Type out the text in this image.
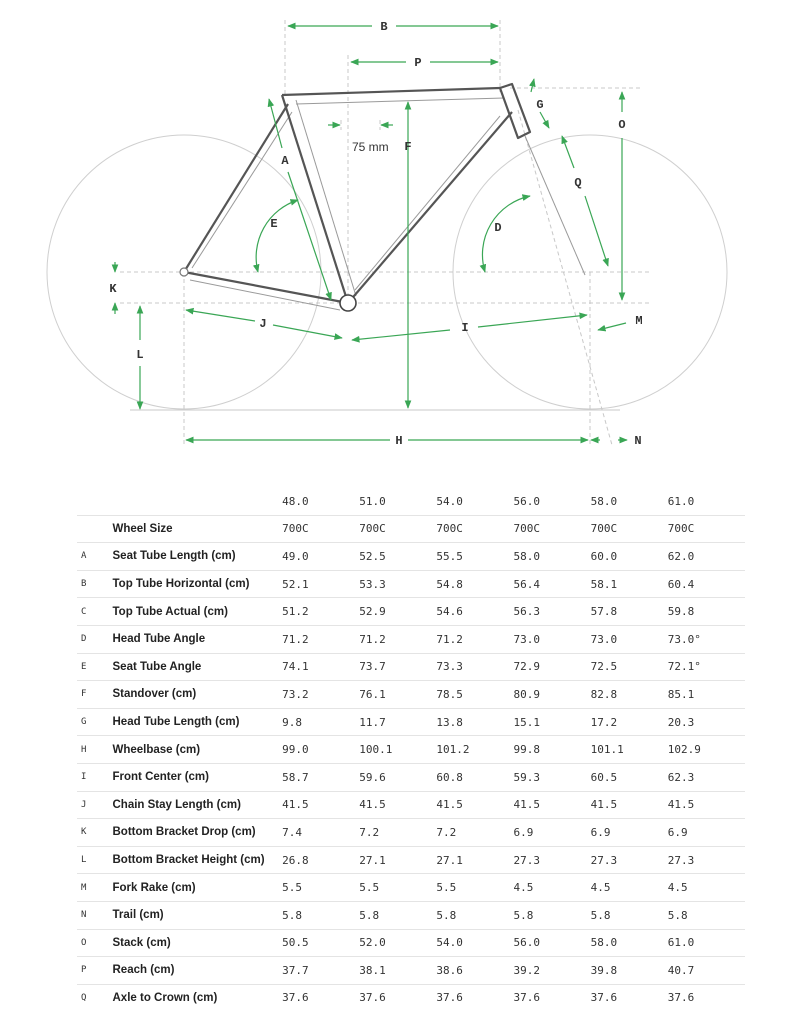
B
P
75 mm F
A
E
G
O
Q
D
K
L
J	I	M
H	N
		48.0	51.0	54.0	56.0	58.0	61.0
	Wheel Size	700C	700C	700C	700C	700C	700C
A	Seat Tube Length (cm)	49.0	52.5	55.5	58.0	60.0	62.0
B	Top Tube Horizontal (cm)	52.1	53.3	54.8	56.4	58.1	60.4
C	Top Tube Actual (cm)	51.2	52.9	54.6	56.3	57.8	59.8
D	Head Tube Angle	71.2	71.2	71.2	73.0	73.0	73.0°
E	Seat Tube Angle	74.1	73.7	73.3	72.9	72.5	72.1°
F	Standover (cm)	73.2	76.1	78.5	80.9	82.8	85.1
G	Head Tube Length (cm)	9.8	11.7	13.8	15.1	17.2	20.3
H	Wheelbase (cm)	99.0	100.1	101.2	99.8	101.1	102.9
I	Front Center (cm)	58.7	59.6	60.8	59.3	60.5	62.3
J	Chain Stay Length (cm)	41.5	41.5	41.5	41.5	41.5	41.5
K	Bottom Bracket Drop (cm)	7.4	7.2	7.2	6.9	6.9	6.9
L	Bottom Bracket Height (cm)	26.8	27.1	27.1	27.3	27.3	27.3
M	Fork Rake (cm)	5.5	5.5	5.5	4.5	4.5	4.5
N	Trail (cm)	5.8	5.8	5.8	5.8	5.8	5.8
O	Stack (cm)	50.5	52.0	54.0	56.0	58.0	61.0
P	Reach (cm)	37.7	38.1	38.6	39.2	39.8	40.7
Q	Axle to Crown (cm)	37.6	37.6	37.6	37.6	37.6	37.6
